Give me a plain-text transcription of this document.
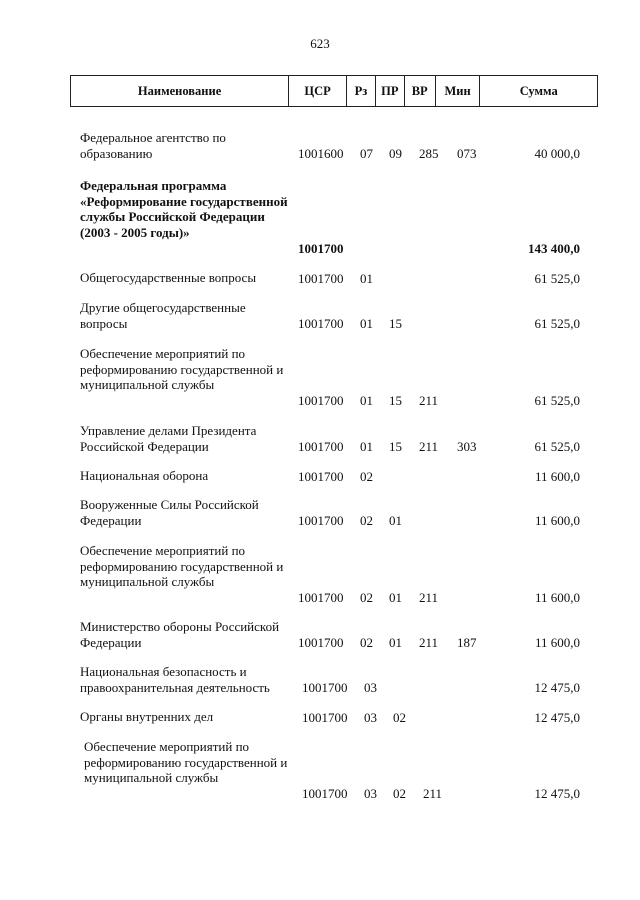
623
Наименование	ЦСР	Рз	ПР	ВР	Мин	Сумма
Федеральное агентство по образованию	1001600 07 09 285 073	40 000,0
Федеральная программа «Реформирование государственной службы Российской Федерации (2003 - 2005 годы)»
1001700	143 400,0
Общегосударственные вопросы	1001700 01	61 525,0
Другие общегосударственные вопросы	1001700 01 15	61 525,0
Обеспечение мероприятий по реформированию государственной и муниципальной службы
1001700 01 15 211	61 525,0
Управление делами Президента Российской Федерации	1001700 01 15 211 303	61 525,0
Национальная оборона	1001700 02	11 600,0
Вооруженные Силы Российской Федерации	1001700 02 01	11 600,0
Обеспечение мероприятий по реформированию государственной и муниципальной службы
1001700 02 01 211	11 600,0
Министерство обороны Российской Федерации	1001700 02 01 211 187	11 600,0
Национальная безопасность и правоохранительная деятельность	1001700 03	12 475,0
Органы внутренних дел	1001700 03 02	12 475,0
Обеспечение мероприятий по реформированию государственной и муниципальной службы
1001700 03 02 211	12 475,0
